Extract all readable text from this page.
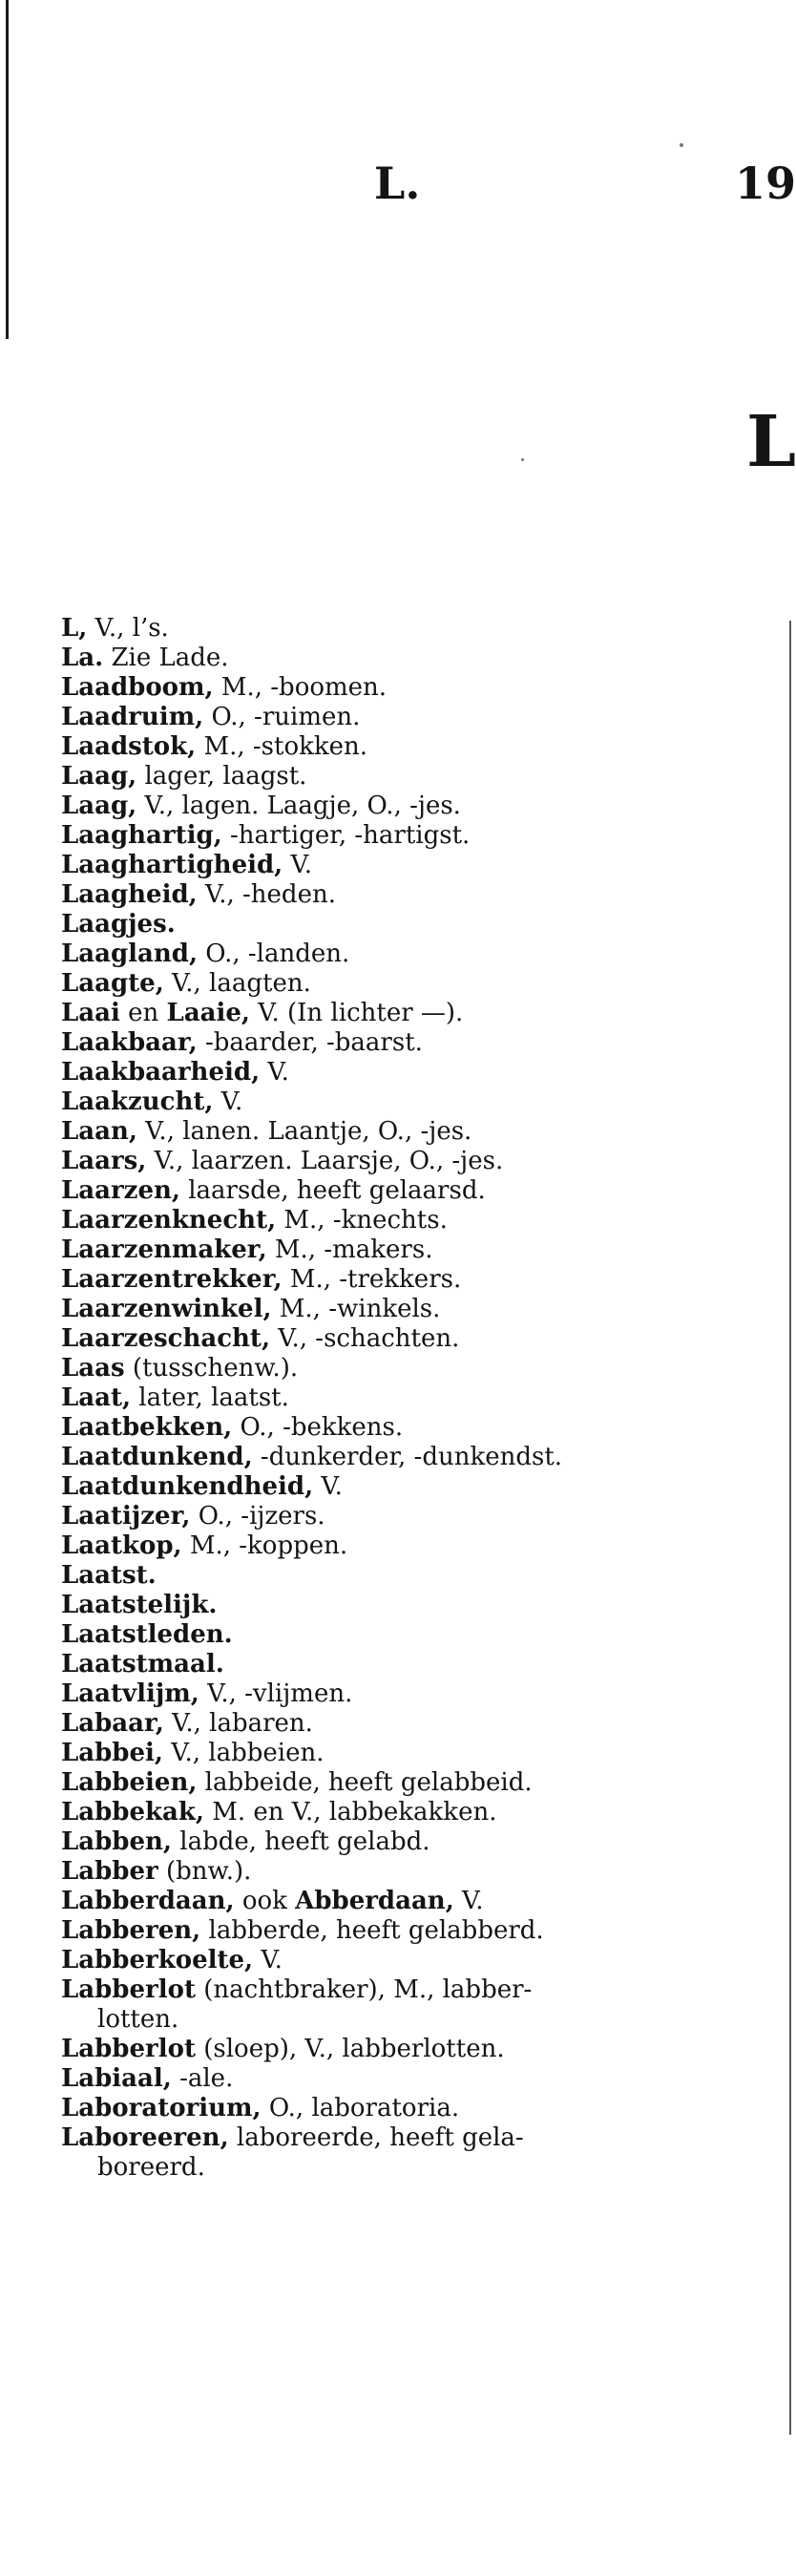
L.	19
L
L, V., l’s.
La. Zie Lade.
Laadboom, M., -boomen.
Laadruim, O., -ruimen.
Laadstok, M., -stokken.
Laag, lager, laagst.
Laag, V., lagen. Laagje, O., -jes.
Laaghartig, -hartiger, -hartigst.
Laaghartigheid, V.
Laagheid, V., -heden.
Laagjes.
Laagland, O., -landen.
Laagte, V., laagten.
Laai en Laaie, V. (In lichter —).
Laakbaar, -baarder, -baarst.
Laakbaarheid, V.
Laakzucht, V.
Laan, V., lanen. Laantje, O., -jes.
Laars, V., laarzen. Laarsje, O., -jes.
Laarzen, laarsde, heeft gelaarsd.
Laarzenknecht, M., -knechts.
Laarzenmaker, M., -makers.
Laarzentrekker, M., -trekkers.
Laarzenwinkel, M., -winkels.
Laarzeschacht, V., -schachten.
Laas (tusschenw.).
Laat, later, laatst.
Laatbekken, O., -bekkens.
Laatdunkend, -dunkerder, -dunkendst.
Laatdunkendheid, V.
Laatijzer, O., -ijzers.
Laatkop, M., -koppen.
Laatst.
Laatstelijk.
Laatstleden.
Laatstmaal.
Laatvlijm, V., -vlijmen.
Labaar, V., labaren.
Labbei, V., labbeien.
Labbeien, labbeide, heeft gelabbeid.
Labbekak, M. en V., labbekakken.
Labben, labde, heeft gelabd.
Labber (bnw.).
Labberdaan, ook Abberdaan, V.
Labberen, labberde, heeft gelabberd.
Labberkoelte, V.
Labberlot (nachtbraker), M., labber-
lotten.
Labberlot (sloep), V., labberlotten.
Labiaal, -ale.
Laboratorium, O., laboratoria.
Laboreeren, laboreerde, heeft gela-
boreerd.
